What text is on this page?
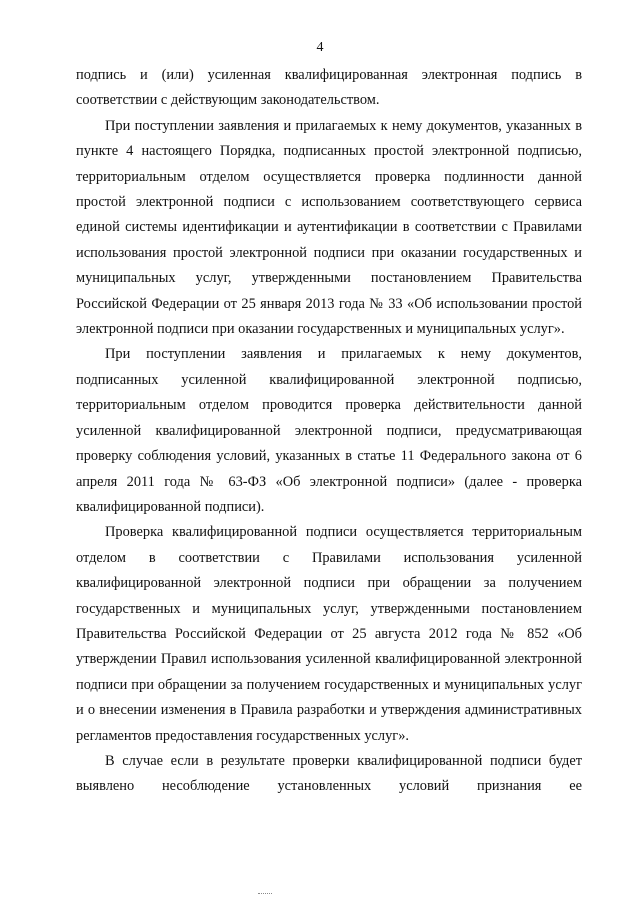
4

подпись и (или) усиленная квалифицированная электронная подпись в соответствии с действующим законодательством.

При поступлении заявления и прилагаемых к нему документов, указанных в пункте 4 настоящего Порядка, подписанных простой электронной подписью, территориальным отделом осуществляется проверка подлинности данной простой электронной подписи с использованием соответствующего сервиса единой системы идентификации и аутентификации в соответствии с Правилами использования простой электронной подписи при оказании государственных и муниципальных услуг, утвержденными постановлением Правительства Российской Федерации от 25 января 2013 года № 33 «Об использовании простой электронной подписи при оказании государственных и муниципальных услуг».

При поступлении заявления и прилагаемых к нему документов, подписанных усиленной квалифицированной электронной подписью, территориальным отделом проводится проверка действительности данной усиленной квалифицированной электронной подписи, предусматривающая проверку соблюдения условий, указанных в статье 11 Федерального закона от 6 апреля 2011 года № 63-ФЗ «Об электронной подписи» (далее - проверка квалифицированной подписи).

Проверка квалифицированной подписи осуществляется территориальным отделом в соответствии с Правилами использования усиленной квалифицированной электронной подписи при обращении за получением государственных и муниципальных услуг, утвержденными постановлением Правительства Российской Федерации от 25 августа 2012 года № 852 «Об утверждении Правил использования усиленной квалифицированной электронной подписи при обращении за получением государственных и муниципальных услуг и о внесении изменения в Правила разработки и утверждения административных регламентов предоставления государственных услуг».

В случае если в результате проверки квалифицированной подписи будет выявлено несоблюдение установленных условий признания ее
